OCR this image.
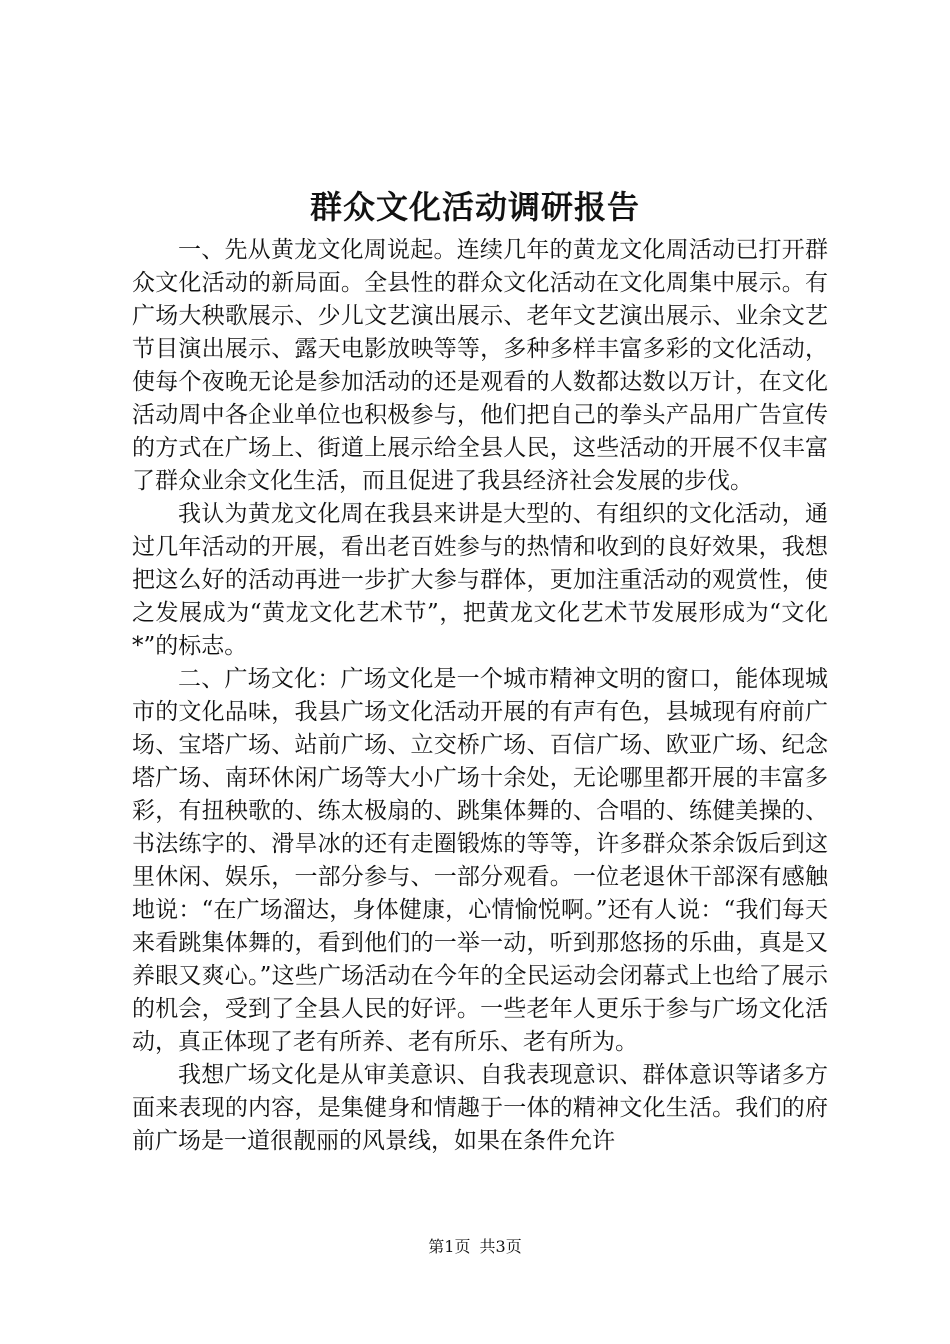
群众文化活动调研报告

一、先从黄龙文化周说起。连续几年的黄龙文化周活动已打开群众文化活动的新局面。全县性的群众文化活动在文化周集中展示。有广场大秧歌展示、少儿文艺演出展示、老年文艺演出展示、业余文艺节目演出展示、露天电影放映等等，多种多样丰富多彩的文化活动，使每个夜晚无论是参加活动的还是观看的人数都达数以万计，在文化活动周中各企业单位也积极参与，他们把自己的拳头产品用广告宣传的方式在广场上、街道上展示给全县人民，这些活动的开展不仅丰富了群众业余文化生活，而且促进了我县经济社会发展的步伐。

我认为黄龙文化周在我县来讲是大型的、有组织的文化活动，通过几年活动的开展，看出老百姓参与的热情和收到的良好效果，我想把这么好的活动再进一步扩大参与群体，更加注重活动的观赏性，使之发展成为“黄龙文化艺术节”，把黄龙文化艺术节发展形成为“文化*”的标志。

二、广场文化：广场文化是一个城市精神文明的窗口，能体现城市的文化品味，我县广场文化活动开展的有声有色，县城现有府前广场、宝塔广场、站前广场、立交桥广场、百信广场、欧亚广场、纪念塔广场、南环休闲广场等大小广场十余处，无论哪里都开展的丰富多彩，有扭秧歌的、练太极扇的、跳集体舞的、合唱的、练健美操的、书法练字的、滑旱冰的还有走圈锻炼的等等，许多群众茶余饭后到这里休闲、娱乐，一部分参与、一部分观看。一位老退休干部深有感触地说：“在广场溜达，身体健康，心情愉悦啊。”还有人说：“我们每天来看跳集体舞的，看到他们的一举一动，听到那悠扬的乐曲，真是又养眼又爽心。”这些广场活动在今年的全民运动会闭幕式上也给了展示的机会，受到了全县人民的好评。一些老年人更乐于参与广场文化活动，真正体现了老有所养、老有所乐、老有所为。

我想广场文化是从审美意识、自我表现意识、群体意识等诸多方面来表现的内容，是集健身和情趣于一体的精神文化生活。我们的府前广场是一道很靓丽的风景线，如果在条件允许

第1页 共3页
